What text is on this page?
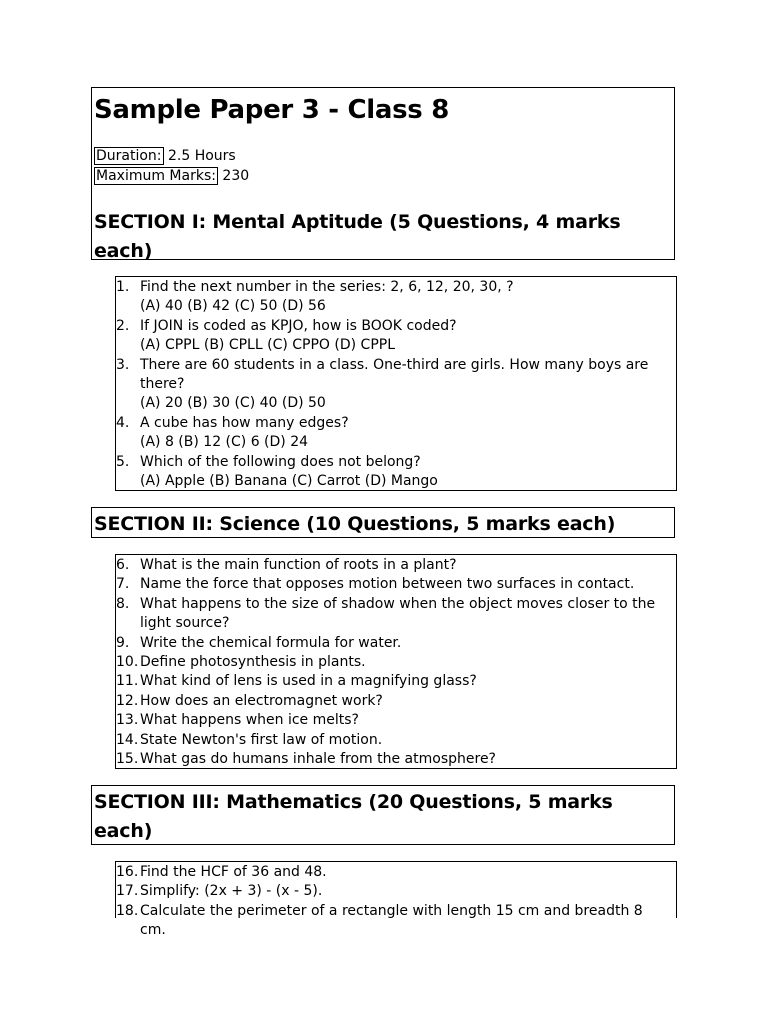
Sample Paper 3 - Class 8
Duration: 2.5 Hours
Maximum Marks: 230
SECTION I: Mental Aptitude (5 Questions, 4 marks each)
1. Find the next number in the series: 2, 6, 12, 20, 30, ?
(A) 40 (B) 42 (C) 50 (D) 56
2. If JOIN is coded as KPJO, how is BOOK coded?
(A) CPPL (B) CPLL (C) CPPO (D) CPPL
3. There are 60 students in a class. One-third are girls. How many boys are there?
(A) 20 (B) 30 (C) 40 (D) 50
4. A cube has how many edges?
(A) 8 (B) 12 (C) 6 (D) 24
5. Which of the following does not belong?
(A) Apple (B) Banana (C) Carrot (D) Mango
SECTION II: Science (10 Questions, 5 marks each)
6. What is the main function of roots in a plant?
7. Name the force that opposes motion between two surfaces in contact.
8. What happens to the size of shadow when the object moves closer to the light source?
9. Write the chemical formula for water.
10. Define photosynthesis in plants.
11. What kind of lens is used in a magnifying glass?
12. How does an electromagnet work?
13. What happens when ice melts?
14. State Newton's first law of motion.
15. What gas do humans inhale from the atmosphere?
SECTION III: Mathematics (20 Questions, 5 marks each)
16. Find the HCF of 36 and 48.
17. Simplify: (2x + 3) - (x - 5).
18. Calculate the perimeter of a rectangle with length 15 cm and breadth 8 cm.
